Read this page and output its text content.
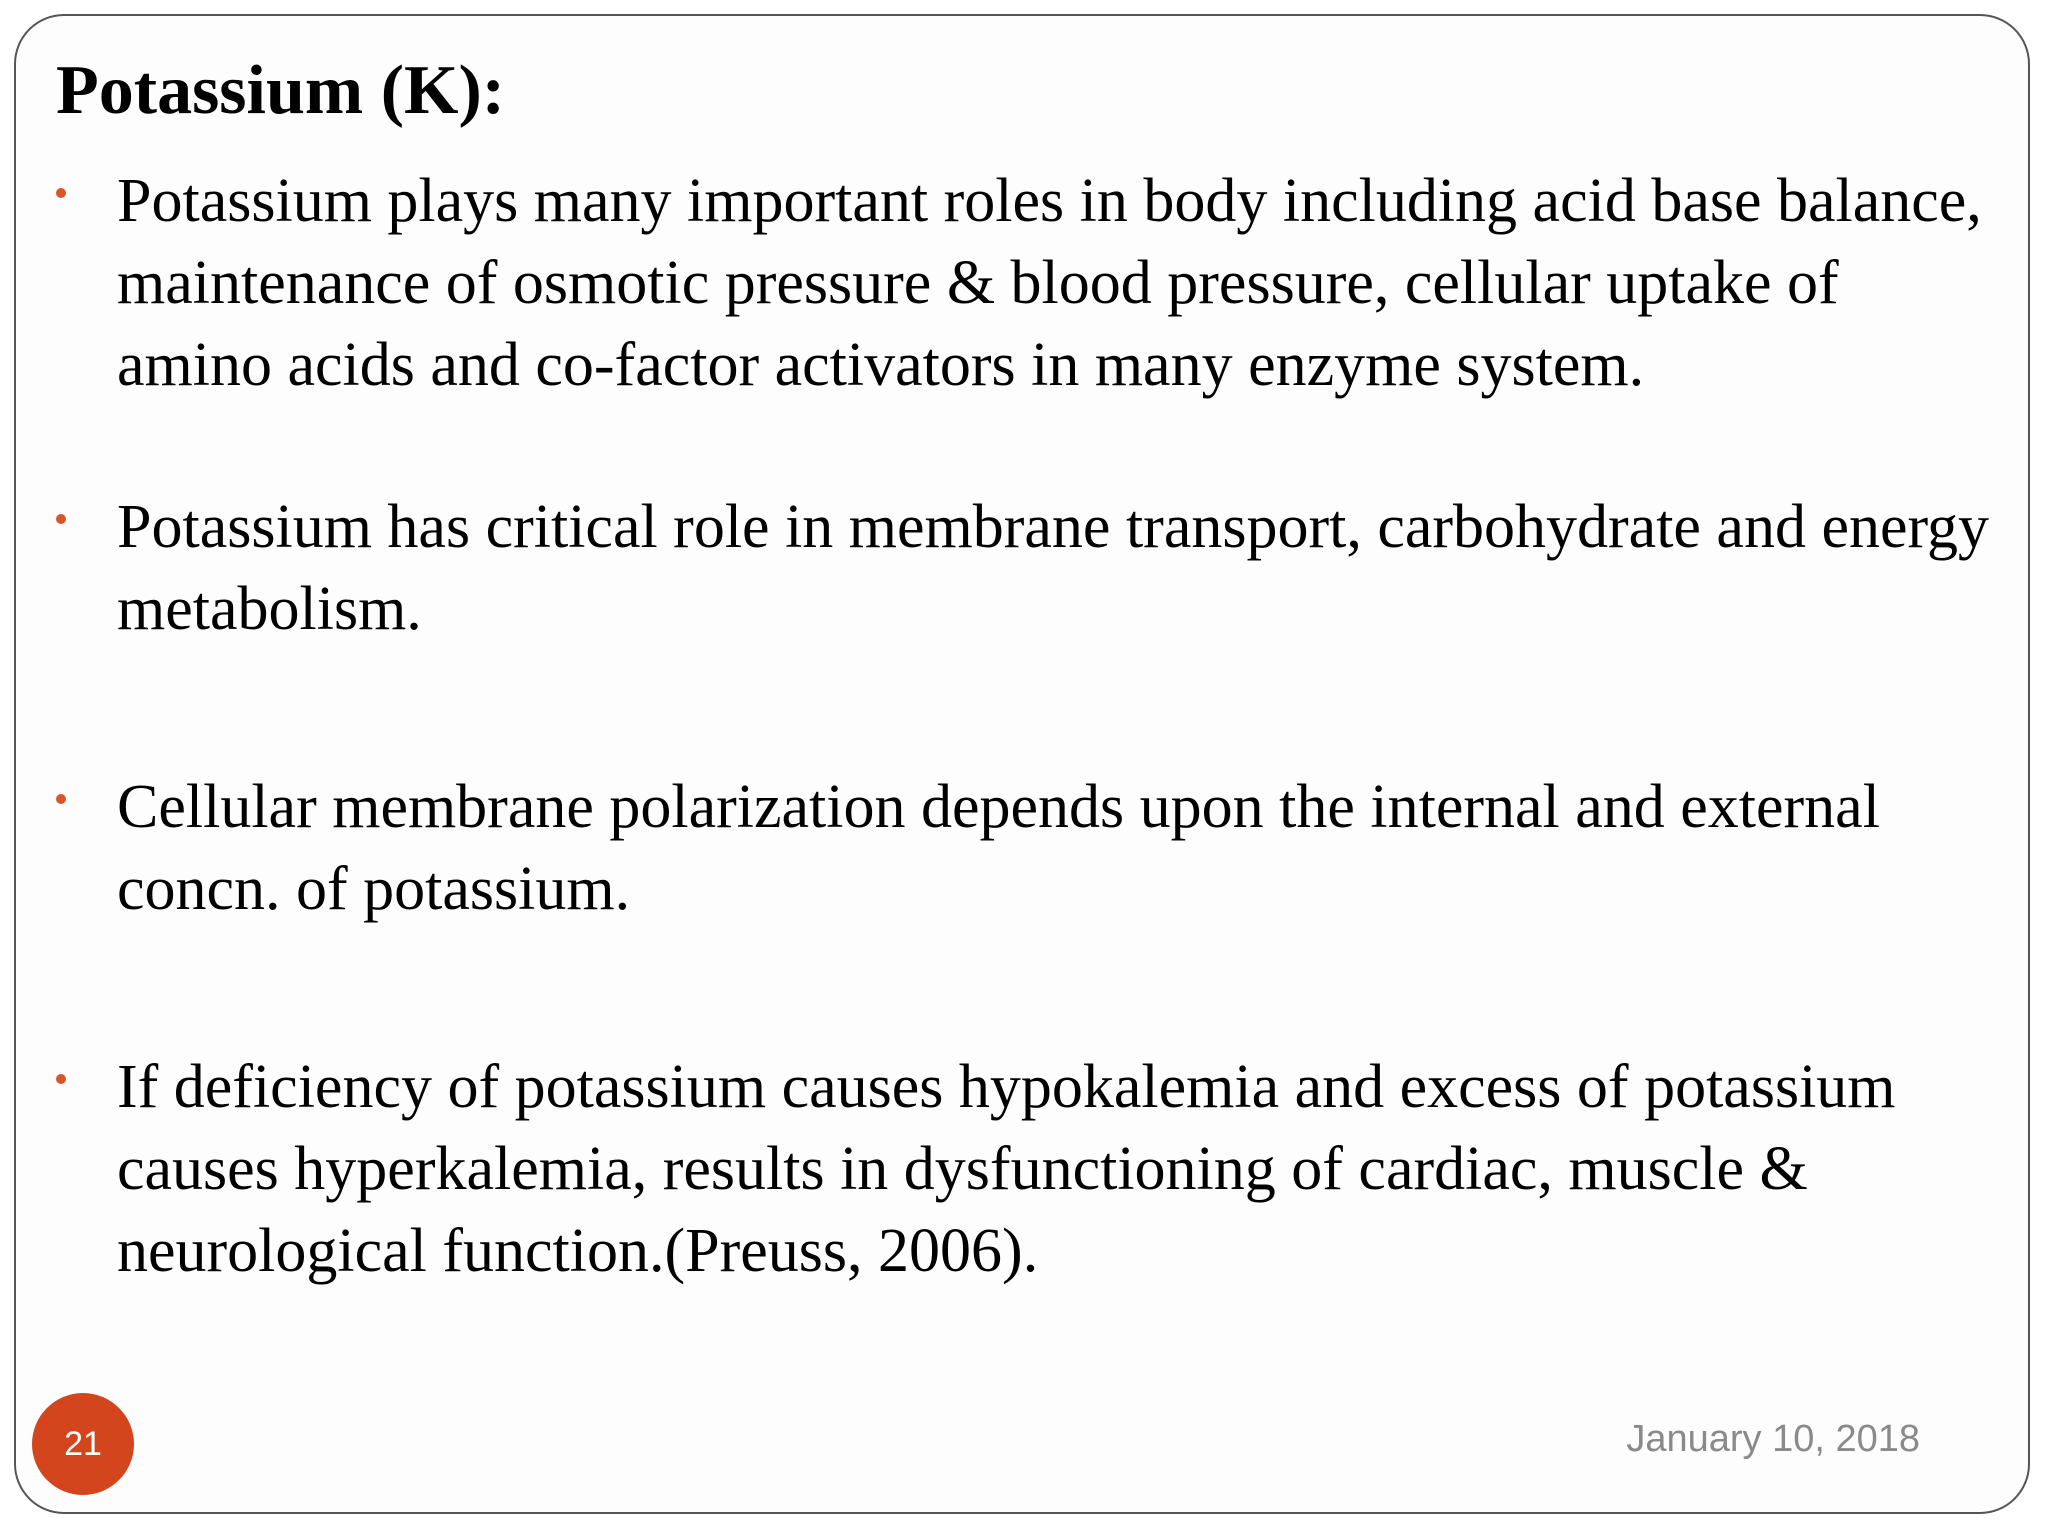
Potassium (K):
Potassium plays many important roles in body including acid base balance, maintenance of osmotic pressure & blood pressure, cellular uptake of amino acids and co-factor activators in many enzyme system.
Potassium has critical role in membrane transport, carbohydrate and energy metabolism.
Cellular membrane polarization depends upon the internal and external concn. of potassium.
If deficiency of potassium causes hypokalemia and excess of potassium causes hyperkalemia, results in dysfunctioning of cardiac, muscle & neurological function.(Preuss, 2006).
21	January 10, 2018
